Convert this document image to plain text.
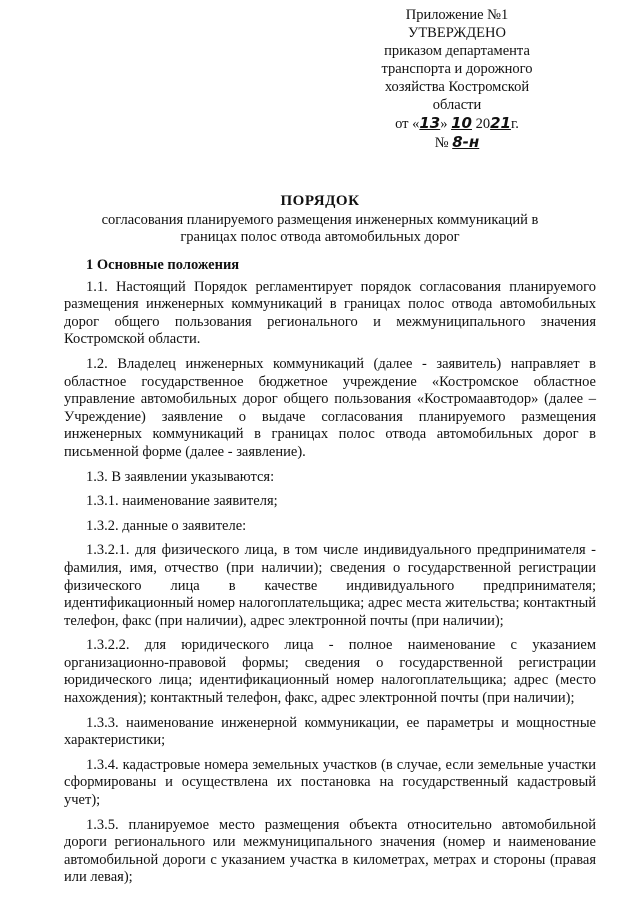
Приложение №1
УТВЕРЖДЕНО
приказом департамента
транспорта и дорожного
хозяйства Костромской
области
от «13» 10 2021г.
№ 8-н
ПОРЯДОК
согласования планируемого размещения инженерных коммуникаций в границах полос отвода автомобильных дорог
1 Основные положения

1.1. Настоящий Порядок регламентирует порядок согласования планируемого размещения инженерных коммуникаций в границах полос отвода автомобильных дорог общего пользования регионального и межмуниципального значения Костромской области.

1.2. Владелец инженерных коммуникаций (далее - заявитель) направляет в областное государственное бюджетное учреждение «Костромское областное управление автомобильных дорог общего пользования «Костромаавтодор» (далее – Учреждение) заявление о выдаче согласования планируемого размещения инженерных коммуникаций в границах полос отвода автомобильных дорог в письменной форме (далее - заявление).

1.3. В заявлении указываются:

1.3.1. наименование заявителя;

1.3.2. данные о заявителе:

1.3.2.1. для физического лица, в том числе индивидуального предпринимателя - фамилия, имя, отчество (при наличии); сведения о государственной регистрации физического лица в качестве индивидуального предпринимателя; идентификационный номер налогоплательщика; адрес места жительства; контактный телефон, факс (при наличии), адрес электронной почты (при наличии);

1.3.2.2. для юридического лица - полное наименование с указанием организационно-правовой формы; сведения о государственной регистрации юридического лица; идентификационный номер налогоплательщика; адрес (место нахождения); контактный телефон, факс, адрес электронной почты (при наличии);

1.3.3. наименование инженерной коммуникации, ее параметры и мощностные характеристики;

1.3.4. кадастровые номера земельных участков (в случае, если земельные участки сформированы и осуществлена их постановка на государственный кадастровый учет);

1.3.5. планируемое место размещения объекта относительно автомобильной дороги регионального или межмуниципального значения (номер и наименование автомобильной дороги с указанием участка в километрах, метрах и стороны (правая или левая);
